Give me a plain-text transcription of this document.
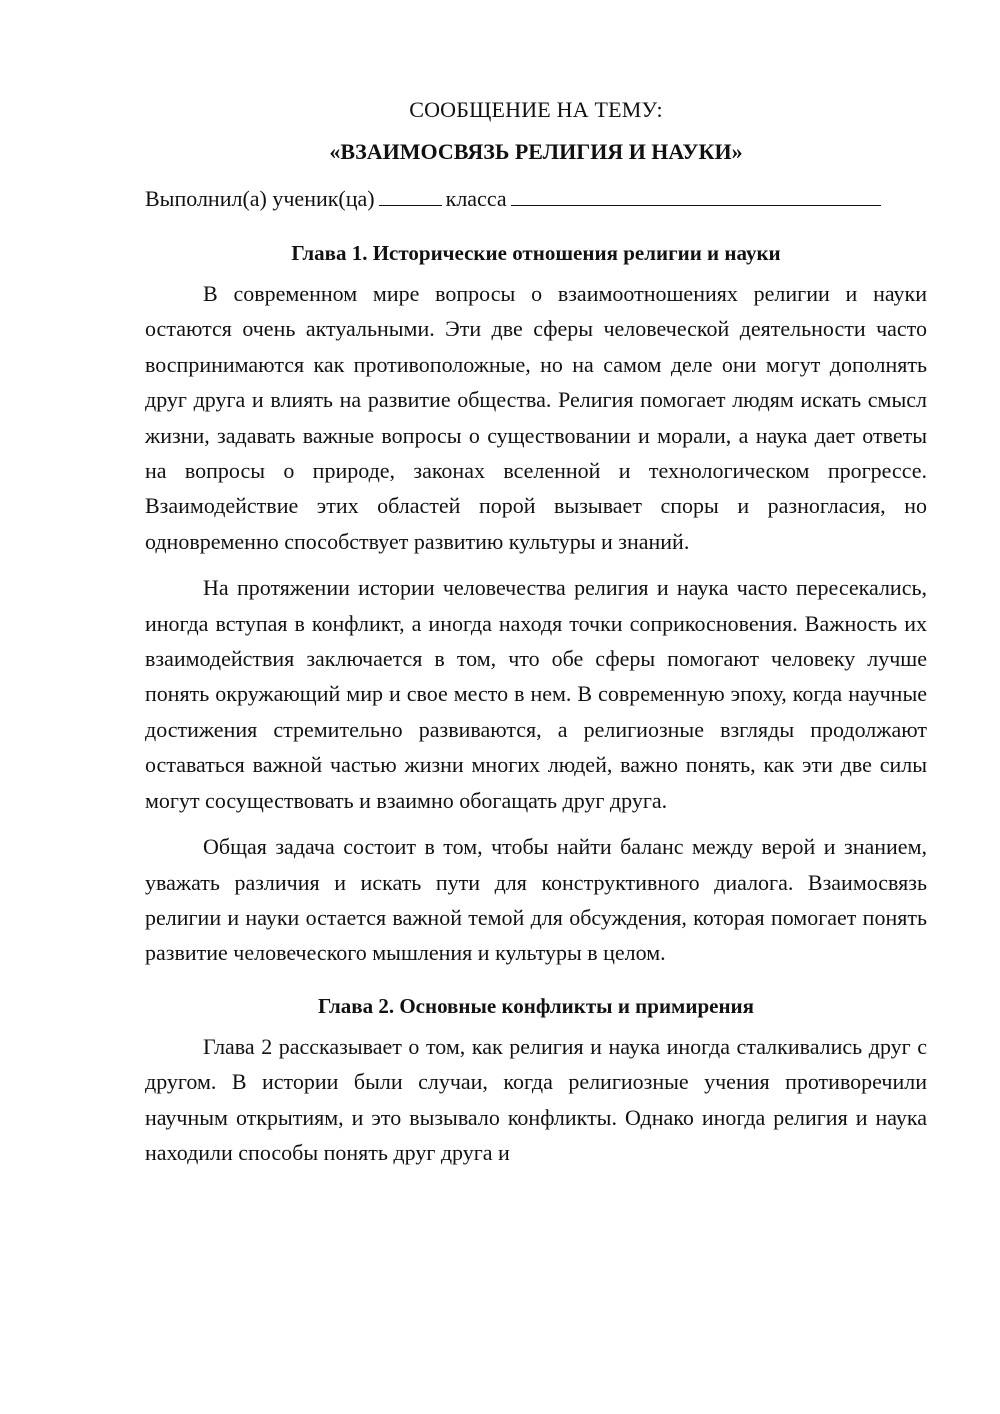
СООБЩЕНИЕ НА ТЕМУ:
«ВЗАИМОСВЯЗЬ РЕЛИГИЯ И НАУКИ»
Выполнил(а) ученик(ца)	класса
Глава 1. Исторические отношения религии и науки

В современном мире вопросы о взаимоотношениях религии и науки остаются очень актуальными. Эти две сферы человеческой деятельности часто воспринимаются как противоположные, но на самом деле они могут дополнять друг друга и влиять на развитие общества. Религия помогает людям искать смысл жизни, задавать важные вопросы о существовании и морали, а наука дает ответы на вопросы о природе, законах вселенной и технологическом прогрессе. Взаимодействие этих областей порой вызывает споры и разногласия, но одновременно способствует развитию культуры и знаний.

На протяжении истории человечества религия и наука часто пересекались, иногда вступая в конфликт, а иногда находя точки соприкосновения. Важность их взаимодействия заключается в том, что обе сферы помогают человеку лучше понять окружающий мир и свое место в нем. В современную эпоху, когда научные достижения стремительно развиваются, а религиозные взгляды продолжают оставаться важной частью жизни многих людей, важно понять, как эти две силы могут сосуществовать и взаимно обогащать друг друга.

Общая задача состоит в том, чтобы найти баланс между верой и знанием, уважать различия и искать пути для конструктивного диалога. Взаимосвязь религии и науки остается важной темой для обсуждения, которая помогает понять развитие человеческого мышления и культуры в целом.

Глава 2. Основные конфликты и примирения

Глава 2 рассказывает о том, как религия и наука иногда сталкивались друг с другом. В истории были случаи, когда религиозные учения противоречили научным открытиям, и это вызывало конфликты. Однако иногда религия и наука находили способы понять друг друга и
